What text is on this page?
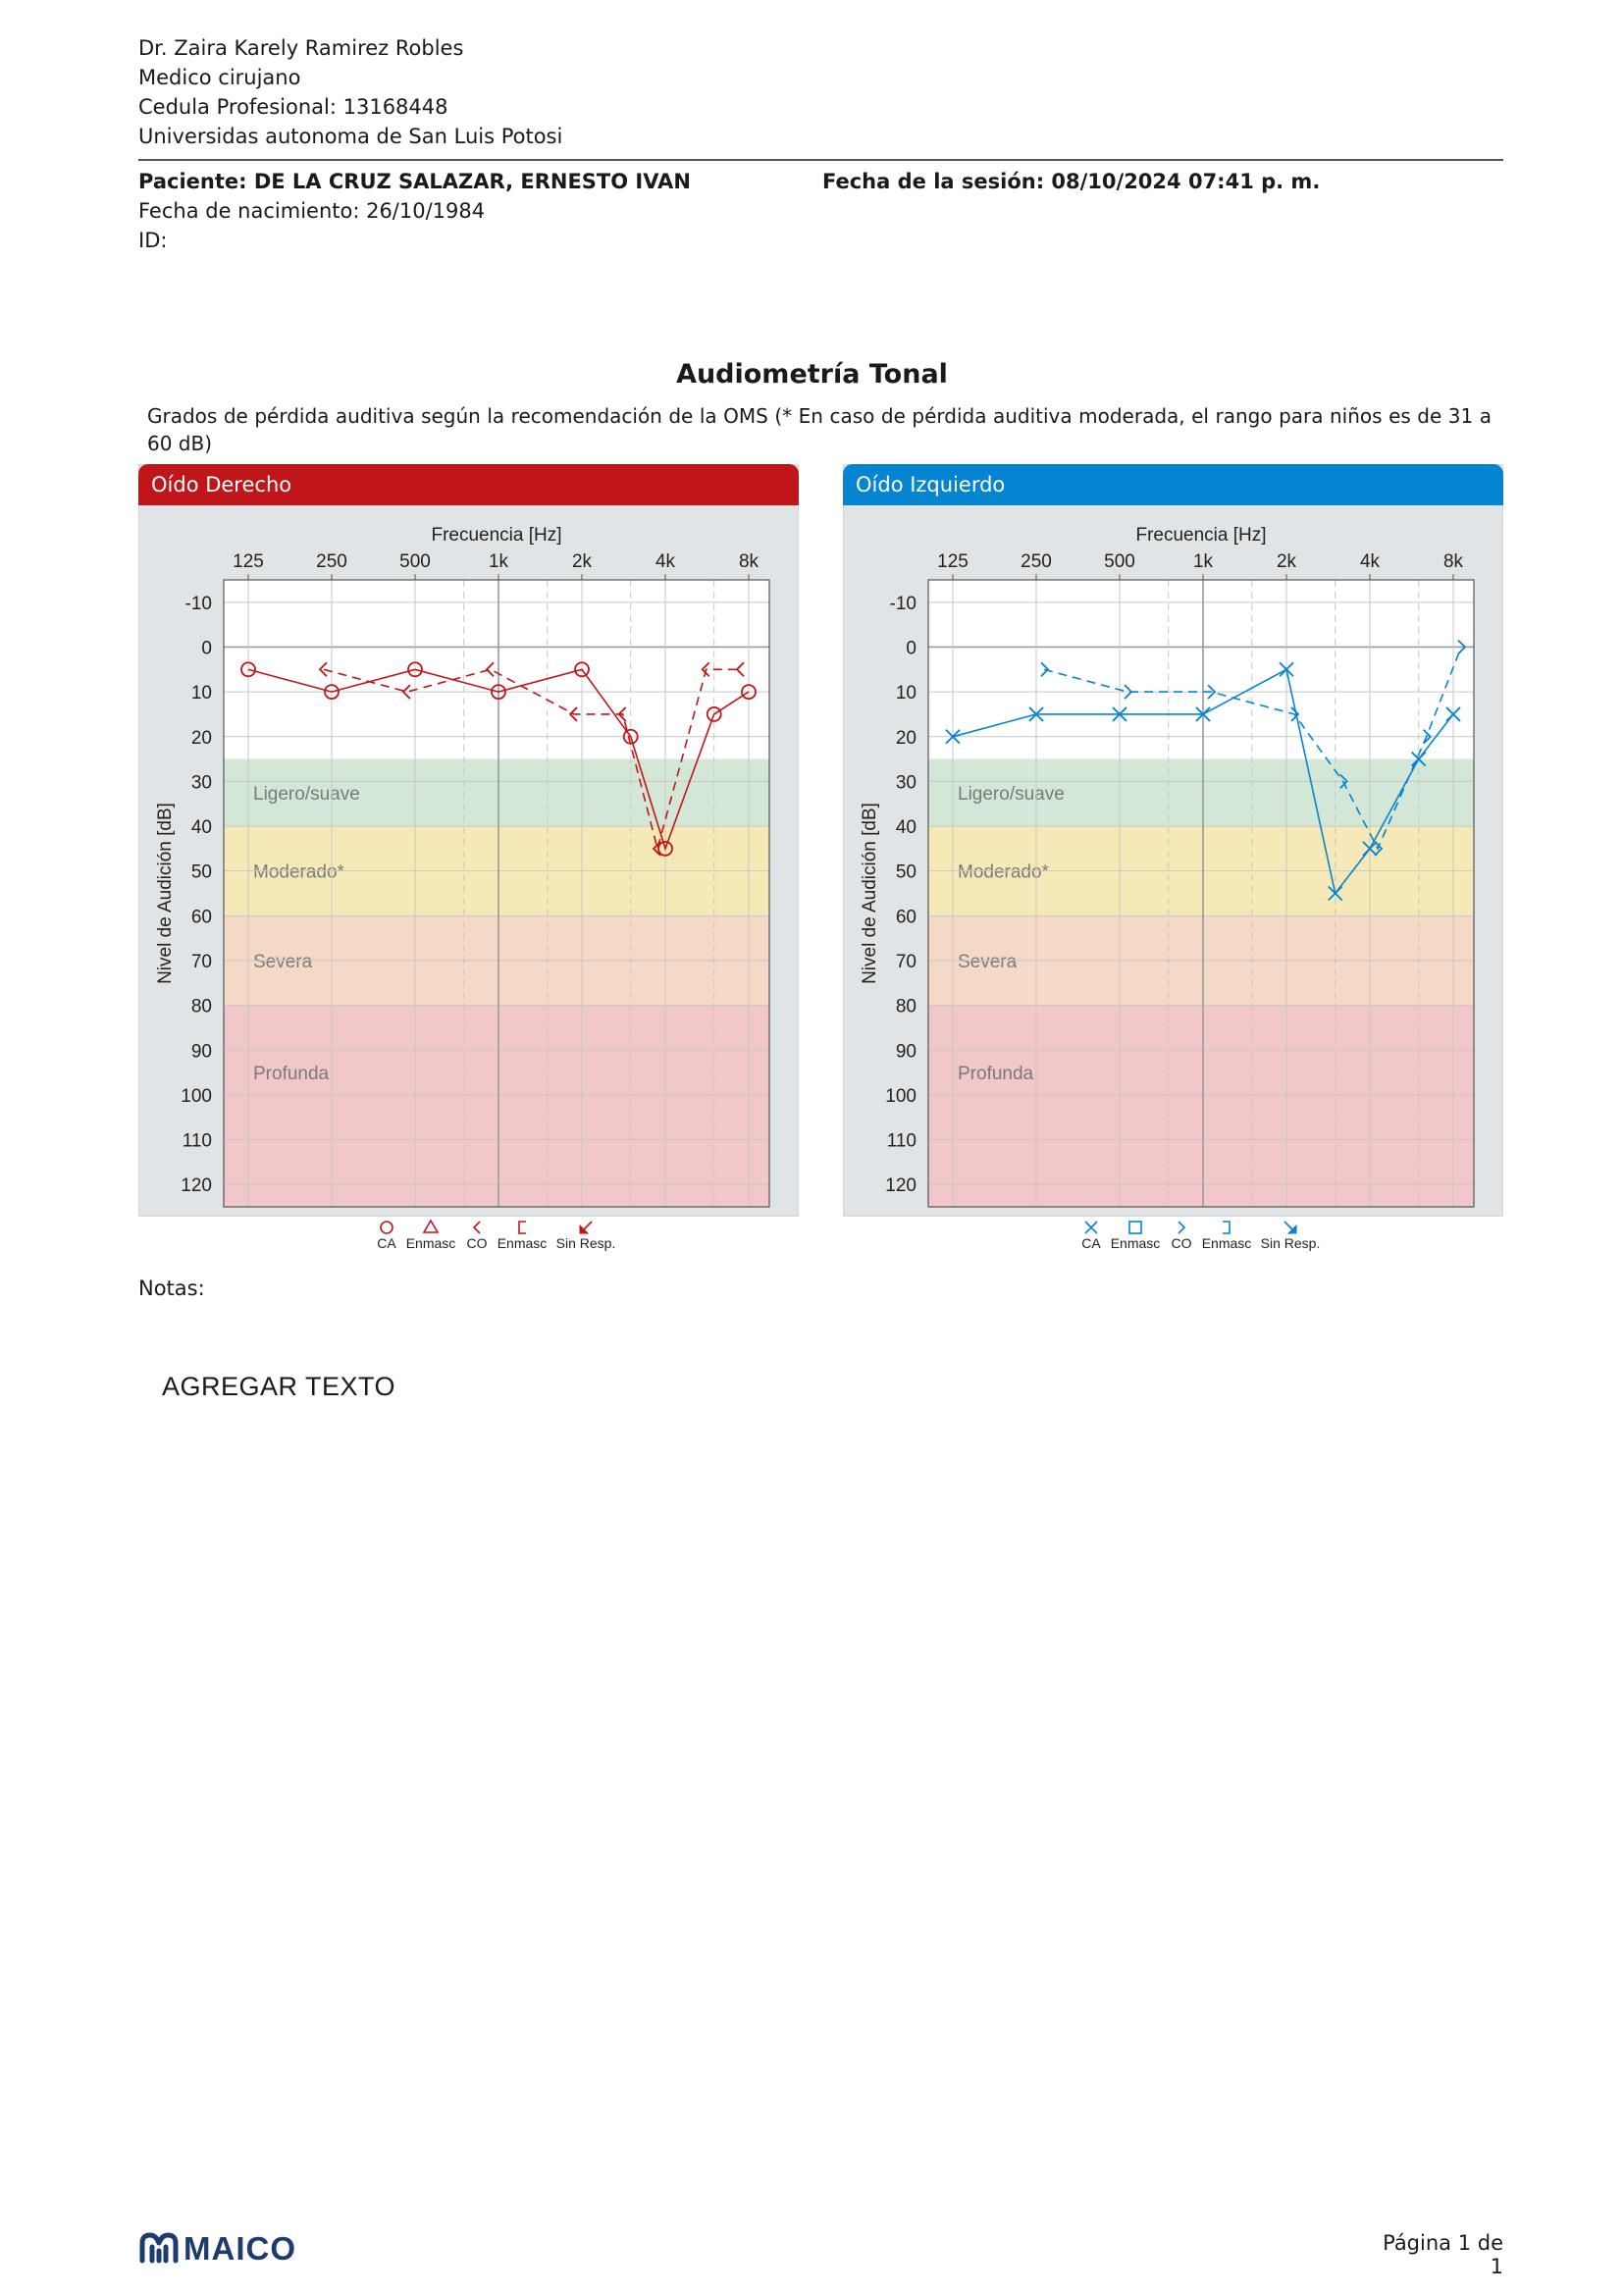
Dr. Zaira Karely Ramirez Robles
Medico cirujano
Cedula Profesional: 13168448
Universidas autonoma de San Luis Potosi
Paciente: DE LA CRUZ SALAZAR, ERNESTO IVAN	Fecha de la sesión: 08/10/2024 07:41 p. m.
Fecha de nacimiento: 26/10/1984
ID:
Audiometría Tonal
Grados de pérdida auditiva según la recomendación de la OMS (* En caso de pérdida auditiva moderada, el rango para niños es de 31 a 60 dB)
Oído Derecho
Ligero/suave
Moderado*
Severa
Profunda
Frecuencia [Hz]
125	250	500	1k	2k	4k	8k
-10
0
10
20
30
40
50
60
70
80
90
100
110
120
Nivel de Audición [dB]
CA Enmasc CO Enmasc Sin Resp.
Oído Izquierdo
Ligero/suave
Moderado*
Severa
Profunda
Frecuencia [Hz]
125	250	500	1k	2k	4k	8k
-10
0
10
20
30
40
50
60
70
80
90
100
110
120
Nivel de Audición [dB]
CA Enmasc CO Enmasc Sin Resp.
Notas:
AGREGAR TEXTO
MAICO	Página 1 de 1
